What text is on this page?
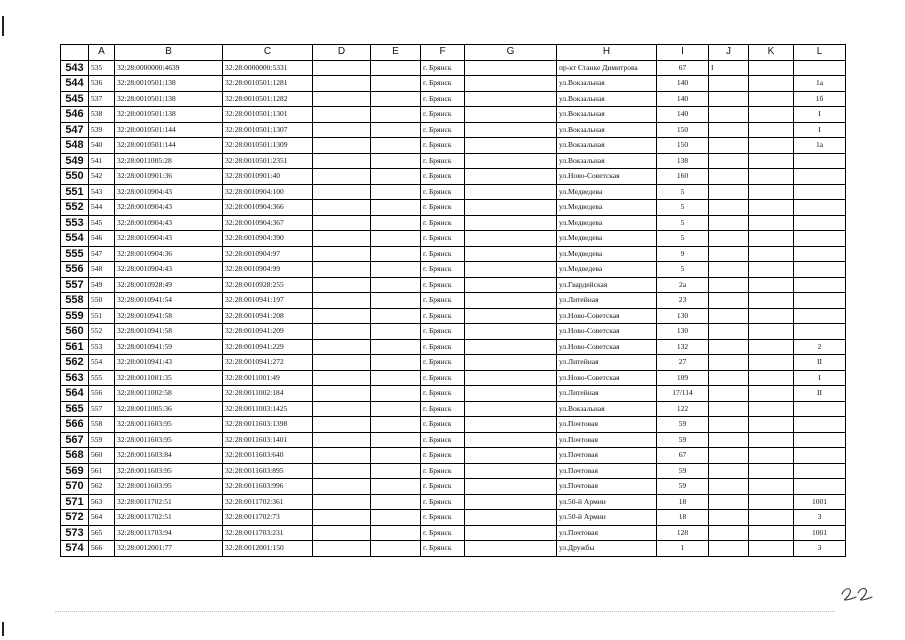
	A	B	C	D	E	F	G	H	I	J	K	L
543	535	32:28:0000000:4639	32:28:0000000:5331			г. Брянск		пр-кт Станке Димитрова	67	I		
544	536	32:28:0010501:138	32:28:0010501:1281			г. Брянск		ул.Вокзальная	140			1а
545	537	32:28:0010501:138	32:28:0010501:1282			г. Брянск		ул.Вокзальная	140			1б
546	538	32:28:0010501:138	32:28:0010501:1301			г. Брянск		ул.Вокзальная	140			I
547	539	32:28:0010501:144	32:28:0010501:1307			г. Брянск		ул.Вокзальная	150			I
548	540	32:28:0010501:144	32:28:0010501:1309			г. Брянск		ул.Вокзальная	150			1а
549	541	32:28:0011005:28	32:28:0010501:2351			г. Брянск		ул.Вокзальная	138			
550	542	32:28:0010901:36	32:28:0010901:40			г. Брянск		ул.Ново-Советская	160			
551	543	32:28:0010904:43	32:28:0010904:100			г. Брянск		ул.Медведева	5			
552	544	32:28:0010904:43	32:28:0010904:366			г. Брянск		ул.Медведева	5			
553	545	32:28:0010904:43	32:28:0010904:367			г. Брянск		ул.Медведева	5			
554	546	32:28:0010904:43	32:28:0010904:390			г. Брянск		ул.Медведева	5			
555	547	32:28:0010904:36	32:28:0010904:97			г. Брянск		ул.Медведева	9			
556	548	32:28:0010904:43	32:28:0010904:99			г. Брянск		ул.Медведева	5			
557	549	32:28:0010928:49	32:28:0010928:255			г. Брянск		ул.Гвардейская	2а			
558	550	32:28:0010941:54	32:28:0010941:197			г. Брянск		ул.Литейная	23			
559	551	32:28:0010941:58	32:28:0010941:208			г. Брянск		ул.Ново-Советская	130			
560	552	32:28:0010941:58	32:28:0010941:209			г. Брянск		ул.Ново-Советская	130			
561	553	32:28:0010941:59	32:28:0010941:229			г. Брянск		ул.Ново-Советская	132			2
562	554	32:28:0010941:43	32:28:0010941:272			г. Брянск		ул.Литейная	27			II
563	555	32:28:0011001:35	32:28:0011001:49			г. Брянск		ул.Ново-Советская	109			I
564	556	32:28:0011002:58	32:28:0011002:184			г. Брянск		ул.Литейная	17/114			II
565	557	32:28:0011005:36	32:28:0011003:1425			г. Брянск		ул.Вокзальная	122			
566	558	32:28:0011603:95	32:28:0011603:1398			г. Брянск		ул.Почтовая	59			
567	559	32:28:0011603:95	32:28:0011603:1401			г. Брянск		ул.Почтовая	59			
568	560	32:28:0011603:84	32:28:0011603:640			г. Брянск		ул.Почтовая	67			
569	561	32:28:0011603:95	32:28:0011603:895			г. Брянск		ул.Почтовая	59			
570	562	32:28:0011603:95	32:28:0011603:996			г. Брянск		ул.Почтовая	59			
571	563	32:28:0011702:51	32:28:0011702:361			г. Брянск		ул.50-й Армии	18			1001
572	564	32:28:0011702:51	32:28:0011702:73			г. Брянск		ул.50-й Армии	18			3
573	565	32:28:0011703:94	32:28:0011703:231			г. Брянск		ул.Почтовая	128			1001
574	566	32:28:0012001:77	32:28:0012001:150			г. Брянск		ул.Дружбы	1			3
